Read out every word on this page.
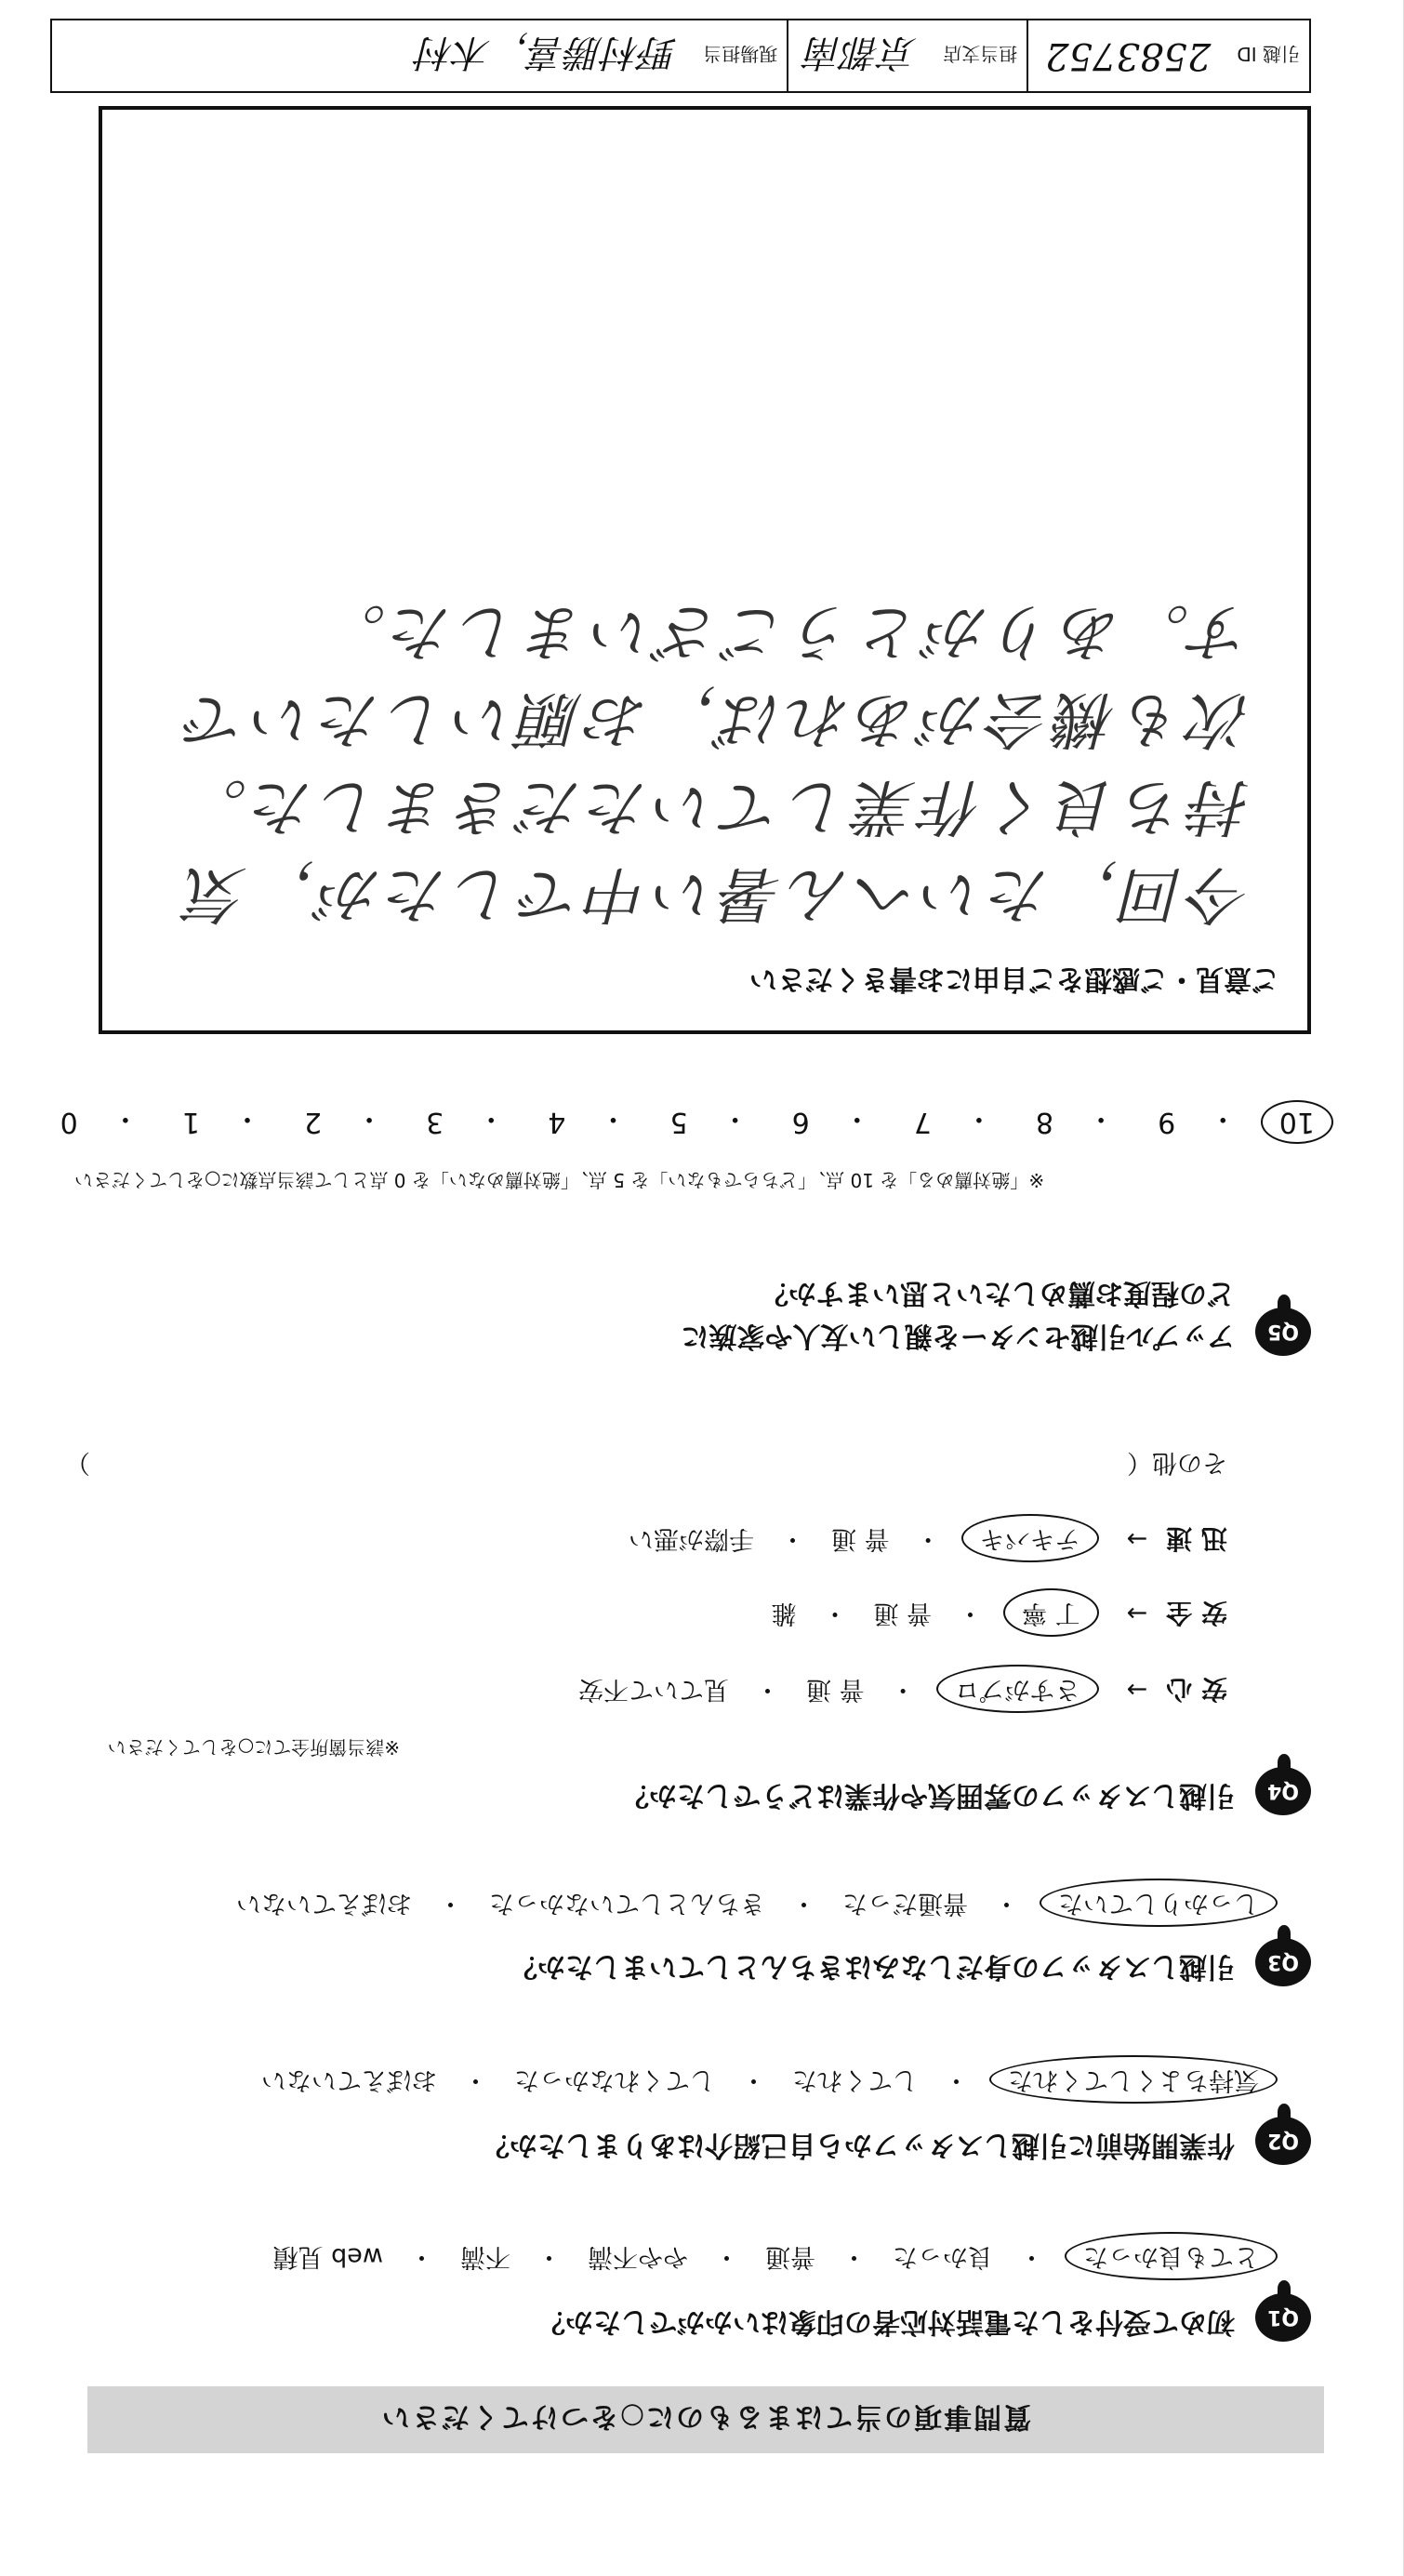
質問事項の当てはまるものに○をつけてください
Q1
初めて受付をした電話対応者の印象はいかがでしたか？
とても良かった
・
良かった
・
普通
・
やや不満
・
不満
・
web 見積
Q2
作業開始前に引越しスタッフから自己紹介はありましたか？
気持ちよくしてくれた
・
してくれた
・
してくれなかった
・
おぼえていない
Q3
引越しスタッフの身だしなみはきちんとしていましたか？
しっかりしていた
・
普通だった
・
きちんとしていなかった
・
おぼえていない
Q4
引越しスタッフの雰囲気や作業はどうでしたか？
※該当箇所全てに○をしてください
安 心
→
さすがプロ
・
普 通
・
見ていて不安
安 全
→
丁 寧
・
普 通
・
雑
迅 速
→
テキパキ
・
普 通
・
手際が悪い
その他（
）
Q5
アップル引越センターを親しい友人や家族に
どの程度お薦めしたいと思いますか？
※「絶対薦める」を 10 点、「どちらでもない」を 5 点、「絶対薦めない」を 0 点として該当点数に○をしてください
10
・
9
・
8
・
7
・
6
・
5
・
4
・
3
・
2
・
1
・
0
ご意見・ご感想をご自由にお書きください
今回，たいへん暑い中でしたが，気持ち良く作業していただきました。次も機会があれば，お願いしたいです。ありがとうございました。
引越 ID
2583752
担当支店
京都南
現場担当
野村勝喜，木村
